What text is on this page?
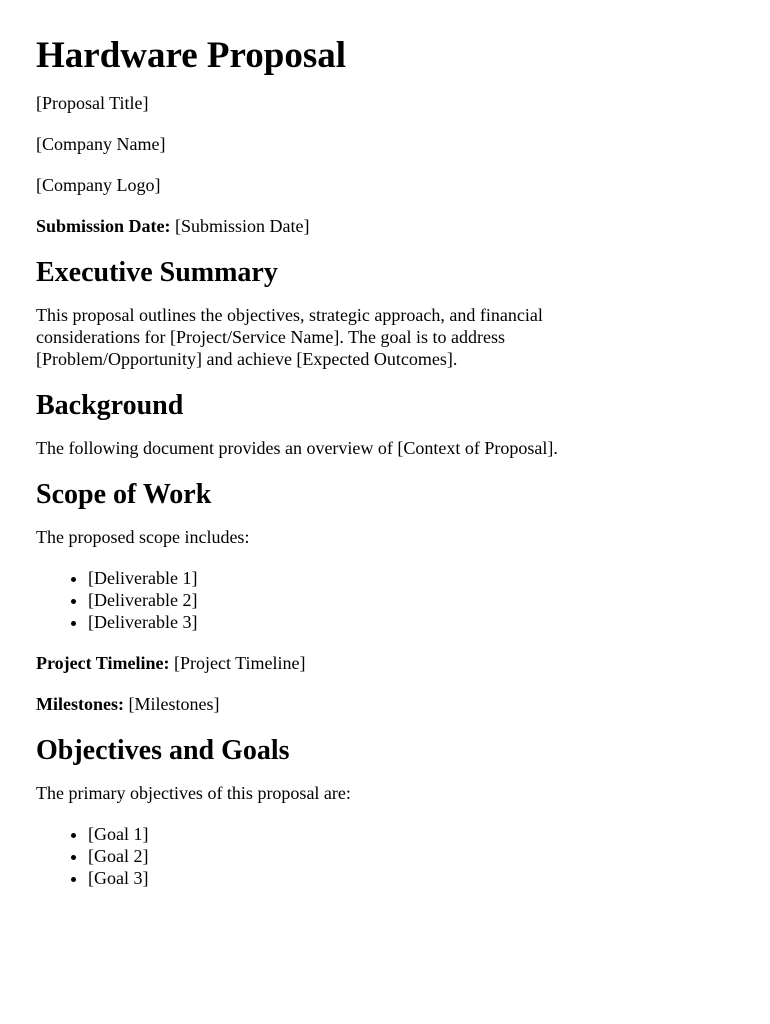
Hardware Proposal

[Proposal Title]

[Company Name]

[Company Logo]

Submission Date: [Submission Date]

Executive Summary

This proposal outlines the objectives, strategic approach, and financial considerations for [Project/Service Name]. The goal is to address [Problem/Opportunity] and achieve [Expected Outcomes].

Background

The following document provides an overview of [Context of Proposal].

Scope of Work

The proposed scope includes:

• [Deliverable 1]
• [Deliverable 2]
• [Deliverable 3]

Project Timeline: [Project Timeline]

Milestones: [Milestones]

Objectives and Goals

The primary objectives of this proposal are:

• [Goal 1]
• [Goal 2]
• [Goal 3]
